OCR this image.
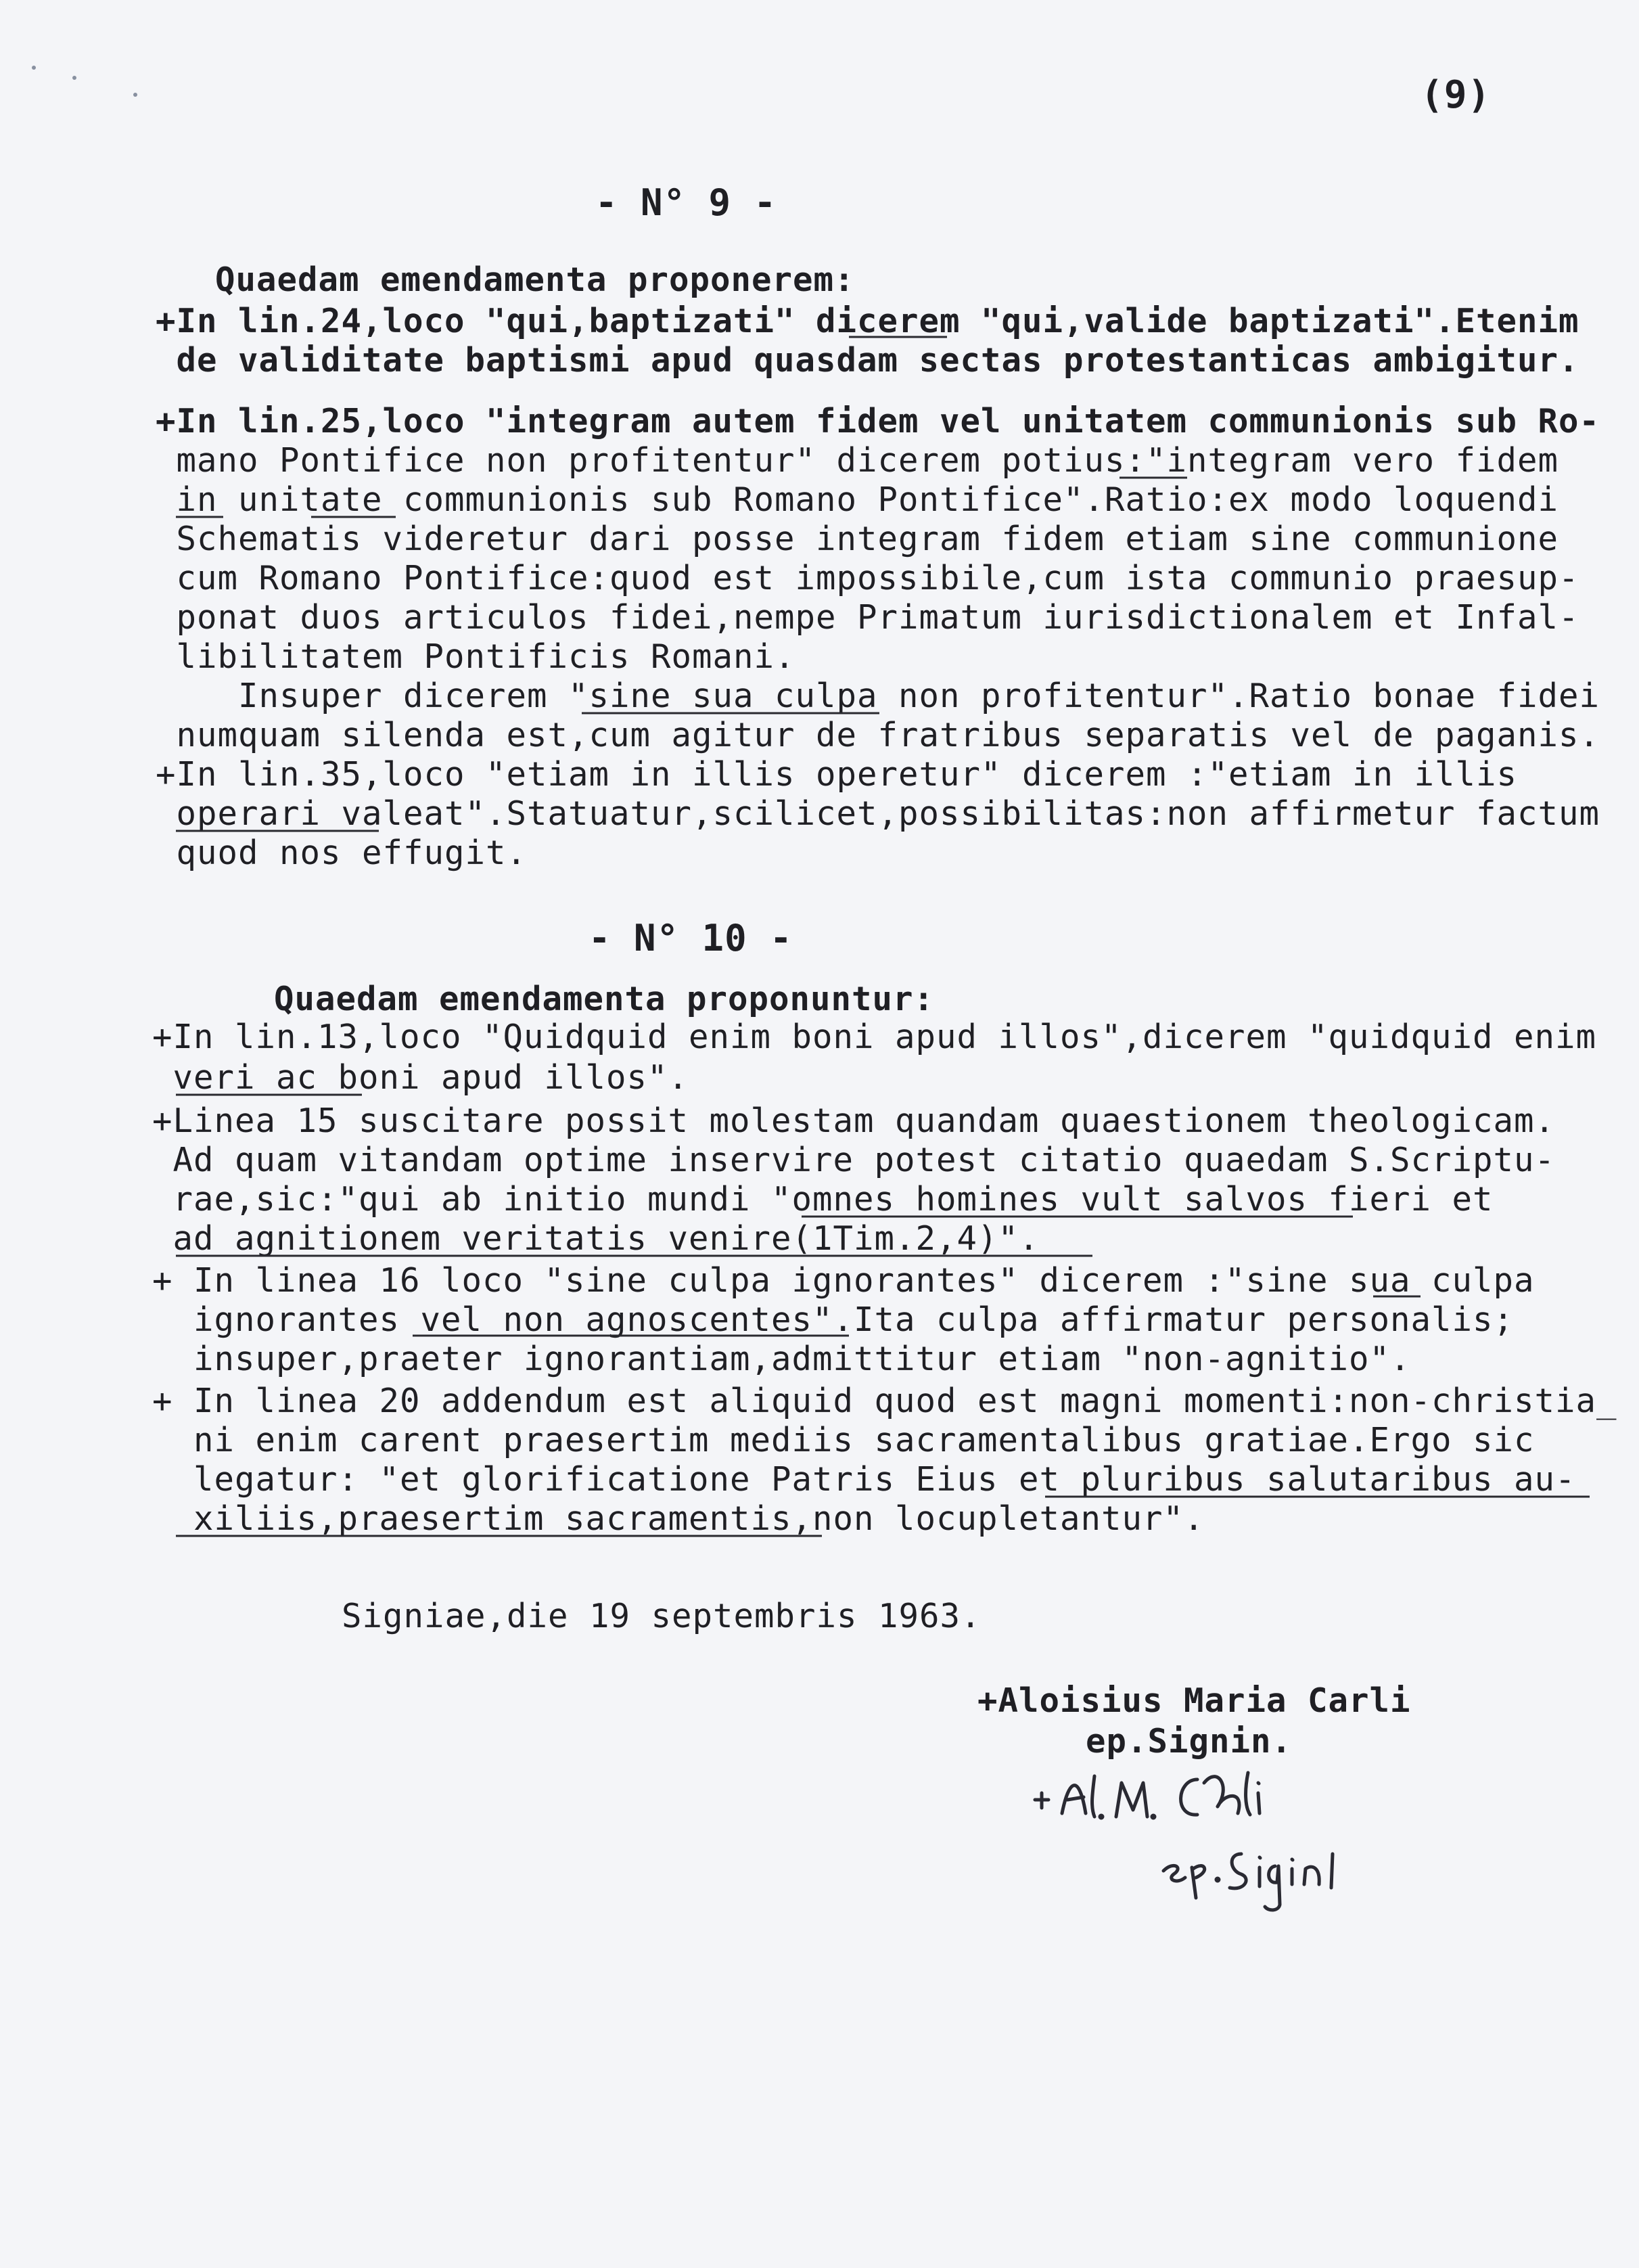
(9)
- N° 9 -
Quaedam emendamenta proponerem:
+In lin.24,loco "qui,baptizati" dicerem "qui,valide baptizati".Etenim
de validitate baptismi apud quasdam sectas protestanticas ambigitur.
+In lin.25,loco "integram autem fidem vel unitatem communionis sub Ro-
mano Pontifice non profitentur" dicerem potius:"integram vero fidem
in unitate communionis sub Romano Pontifice".Ratio:ex modo loquendi
Schematis videretur dari posse integram fidem etiam sine communione
cum Romano Pontifice:quod est impossibile,cum ista communio praesup-
ponat duos articulos fidei,nempe Primatum iurisdictionalem et Infal-
libilitatem Pontificis Romani.
Insuper dicerem "sine sua culpa non profitentur".Ratio bonae fidei
numquam silenda est,cum agitur de fratribus separatis vel de paganis.
+In lin.35,loco "etiam in illis operetur" dicerem :"etiam in illis
operari valeat".Statuatur,scilicet,possibilitas:non affirmetur factum
quod nos effugit.
- N° 10 -
Quaedam emendamenta proponuntur:
+In lin.13,loco "Quidquid enim boni apud illos",dicerem "quidquid enim
veri ac boni apud illos".
+Linea 15 suscitare possit molestam quandam quaestionem theologicam.
Ad quam vitandam optime inservire potest citatio quaedam S.Scriptu-
rae,sic:"qui ab initio mundi "omnes homines vult salvos fieri et
ad agnitionem veritatis venire(1Tim.2,4)".
+ In linea 16 loco "sine culpa ignorantes" dicerem :"sine sua culpa
ignorantes vel non agnoscentes".Ita culpa affirmatur personalis;
insuper,praeter ignorantiam,admittitur etiam "non-agnitio".
+ In linea 20 addendum est aliquid quod est magni momenti:non-christia_
ni enim carent praesertim mediis sacramentalibus gratiae.Ergo sic
legatur: "et glorificatione Patris Eius et pluribus salutaribus au-
xiliis,praesertim sacramentis,non locupletantur".
Signiae,die 19 septembris 1963.
+Aloisius Maria Carli
ep.Signin.
